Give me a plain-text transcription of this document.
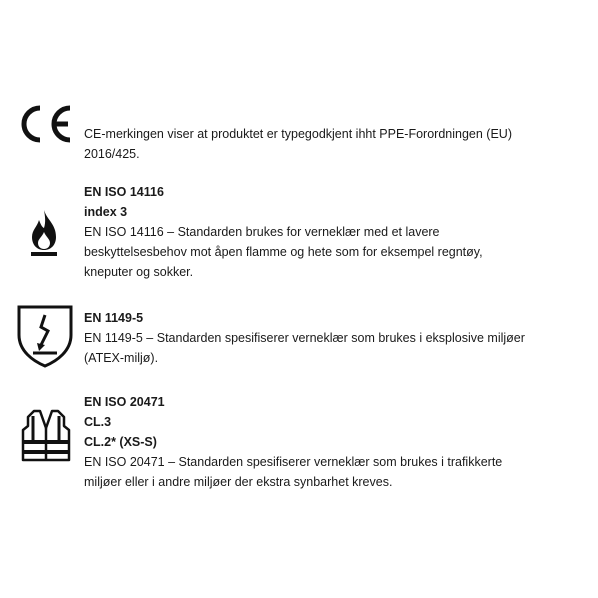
CE-merkingen viser at produktet er typegodkjent ihht PPE-Forordningen (EU) 2016/425.
EN ISO 14116
index 3
EN ISO 14116 – Standarden brukes for verneklær med et lavere beskyttelsesbehov mot åpen flamme og hete som for eksempel regntøy, kneputer og sokker.
EN 1149-5
EN 1149-5 – Standarden spesifiserer verneklær som brukes i eksplosive miljøer (ATEX-miljø).
EN ISO 20471
CL.3
CL.2* (XS-S)
EN ISO 20471 – Standarden spesifiserer verneklær som brukes i trafikkerte miljøer eller i andre miljøer der ekstra synbarhet kreves.
